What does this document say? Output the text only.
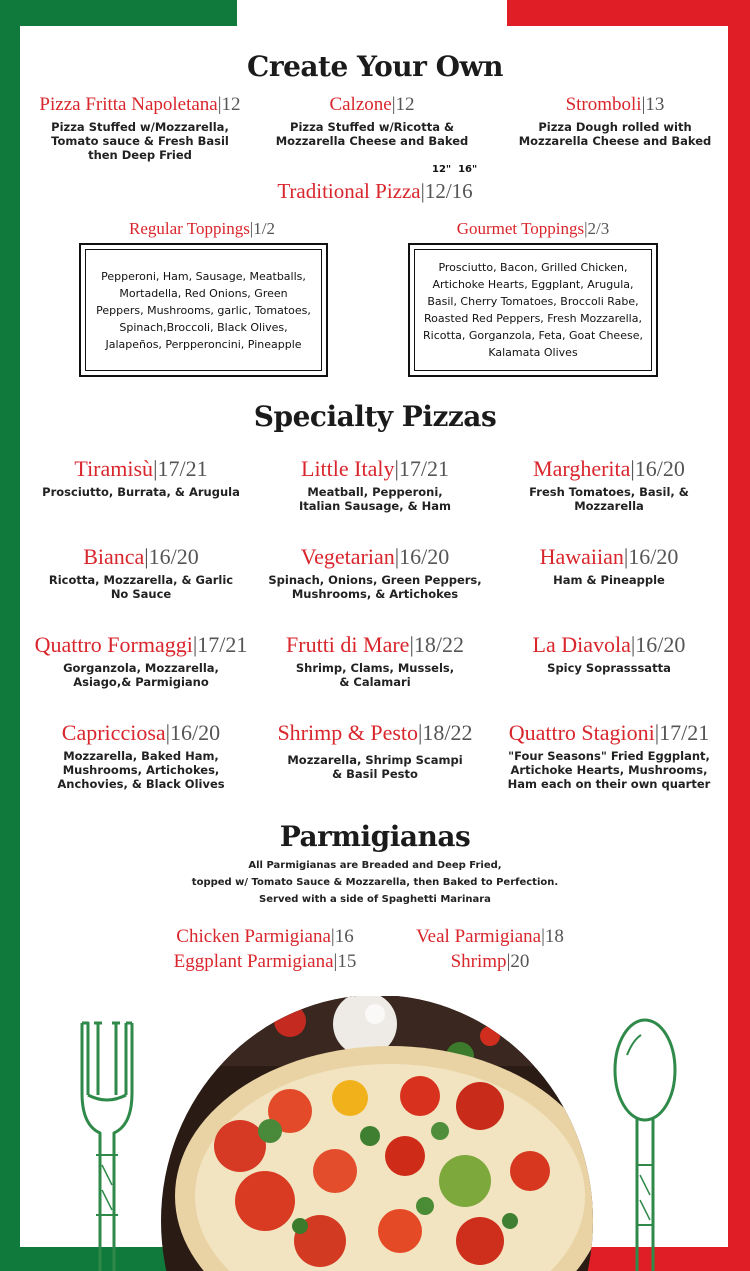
Create Your Own
Pizza Fritta Napoletana|12
Pizza Stuffed w/Mozzarella, Tomato sauce & Fresh Basil then Deep Fried
Calzone|12
Pizza Stuffed w/Ricotta & Mozzarella Cheese and Baked
Stromboli|13
Pizza Dough rolled with Mozzarella Cheese and Baked
12"  16"
Traditional Pizza|12/16
Regular Toppings|1/2
Pepperoni, Ham, Sausage, Meatballs, Mortadella, Red Onions, Green Peppers, Mushrooms, garlic, Tomatoes, Spinach,Broccoli, Black Olives, Jalapeños, Perpperoncini, Pineapple
Gourmet Toppings|2/3
Prosciutto, Bacon, Grilled Chicken, Artichoke Hearts, Eggplant, Arugula, Basil, Cherry Tomatoes, Broccoli Rabe, Roasted Red Peppers, Fresh Mozzarella, Ricotta, Gorganzola, Feta, Goat Cheese, Kalamata Olives
Specialty Pizzas
Tiramisù|17/21
Prosciutto, Burrata, & Arugula
Little Italy|17/21
Meatball, Pepperoni, Italian Sausage, & Ham
Margherita|16/20
Fresh Tomatoes, Basil, & Mozzarella
Bianca|16/20
Ricotta, Mozzarella, & Garlic No Sauce
Vegetarian|16/20
Spinach, Onions, Green Peppers, Mushrooms, & Artichokes
Hawaiian|16/20
Ham & Pineapple
Quattro Formaggi|17/21
Gorganzola, Mozzarella, Asiago,& Parmigiano
Frutti di Mare|18/22
Shrimp, Clams, Mussels, & Calamari
La Diavola|16/20
Spicy Soprasssatta
Capricciosa|16/20
Mozzarella, Baked Ham, Mushrooms, Artichokes, Anchovies, & Black Olives
Shrimp & Pesto|18/22
Mozzarella, Shrimp Scampi & Basil Pesto
Quattro Stagioni|17/21
"Four Seasons" Fried Eggplant, Artichoke Hearts, Mushrooms, Ham each on their own quarter
Parmigianas
All Parmigianas are Breaded and Deep Fried,
topped w/ Tomato Sauce & Mozzarella, then Baked to Perfection.
Served with a side of Spaghetti Marinara
Chicken Parmigiana|16	Veal Parmigiana|18
Eggplant Parmigiana|15	Shrimp|20
